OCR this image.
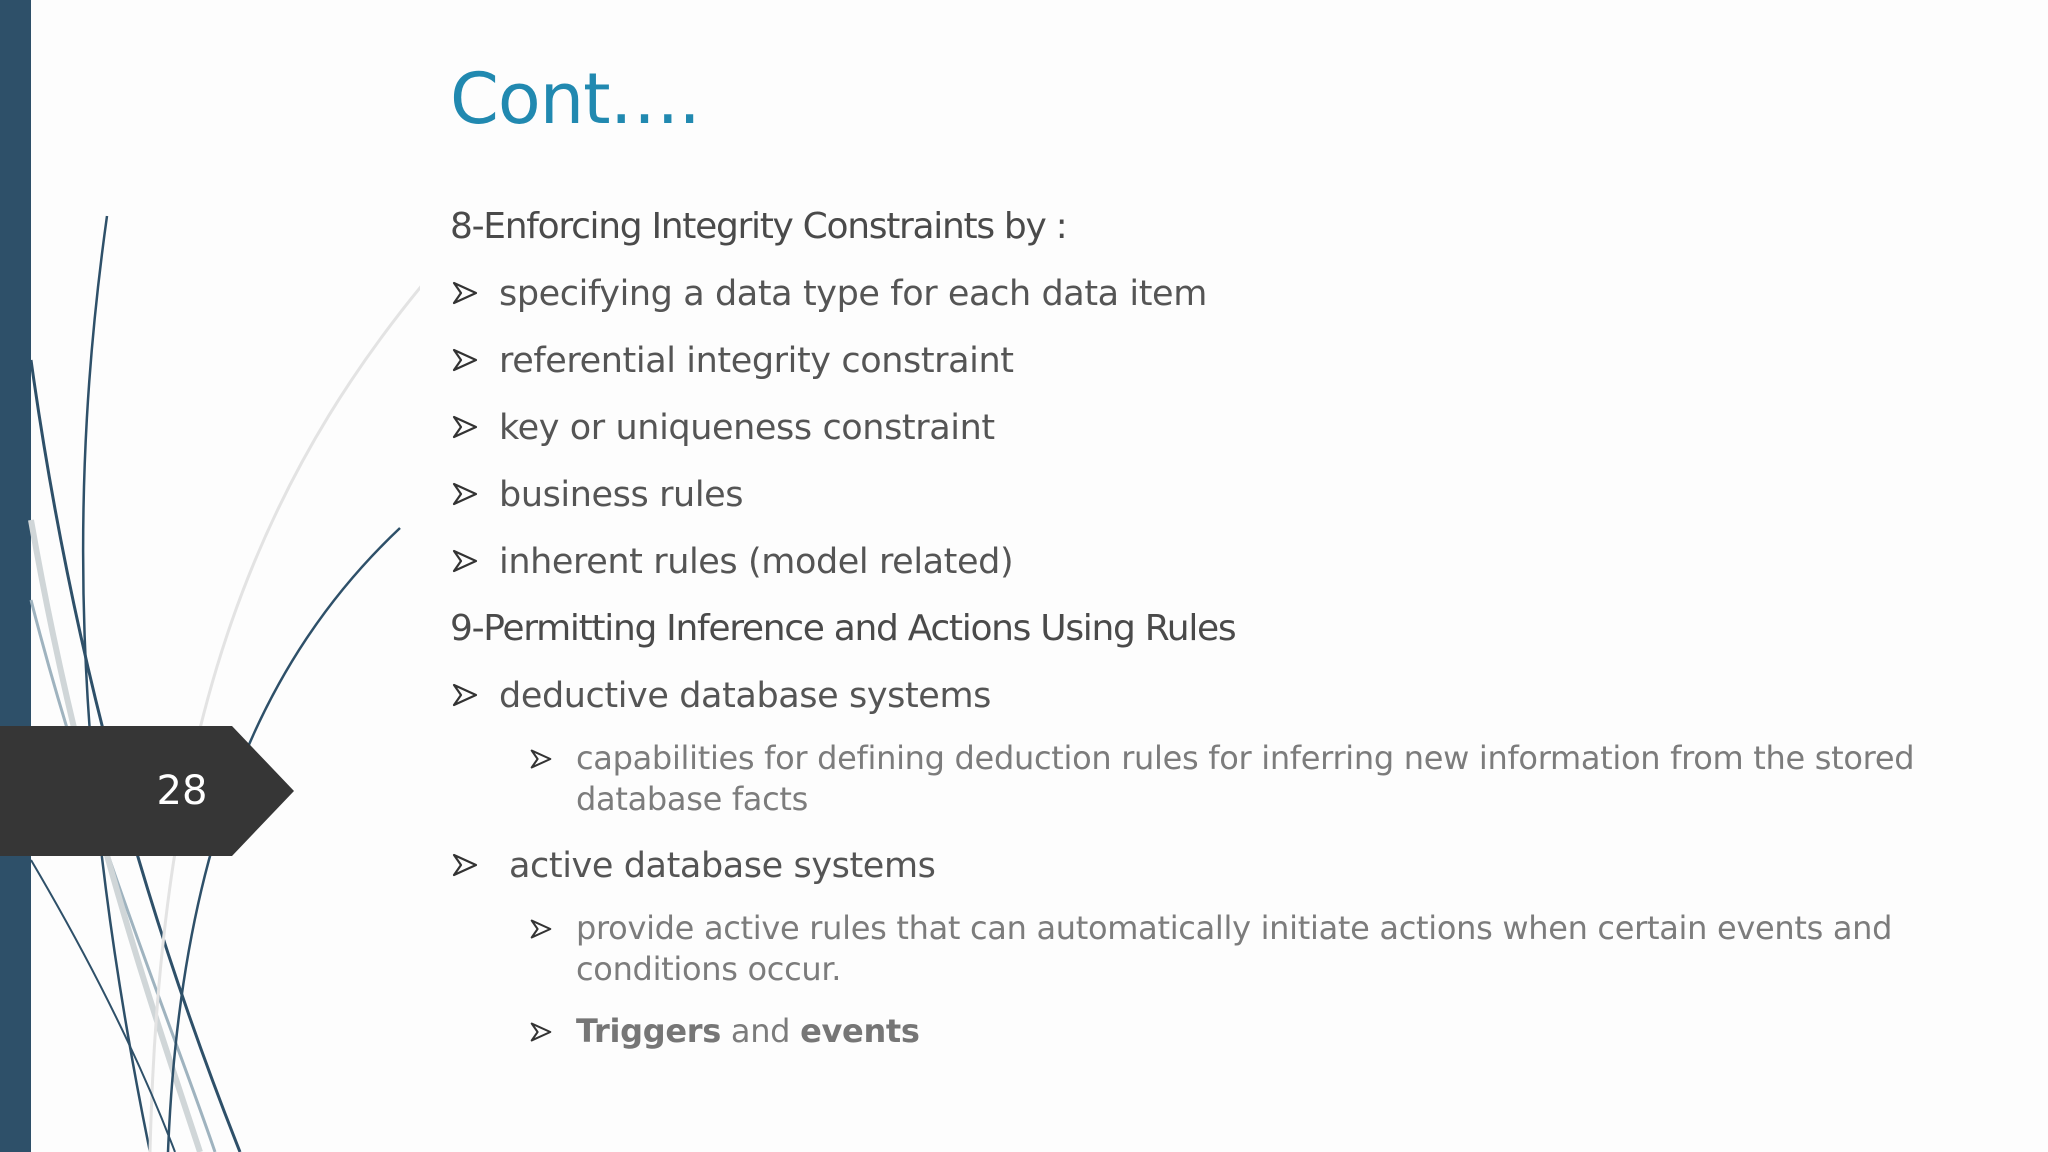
28
Cont….
8-Enforcing Integrity Constraints by :
specifying a data type for each data item
referential integrity constraint
key or uniqueness constraint
business rules
inherent rules (model related)
9-Permitting Inference and Actions Using Rules
deductive database systems
capabilities for defining deduction rules for inferring new information from the stored database facts
active database systems
provide active rules that can automatically initiate actions when certain events and conditions occur.
Triggers and events
